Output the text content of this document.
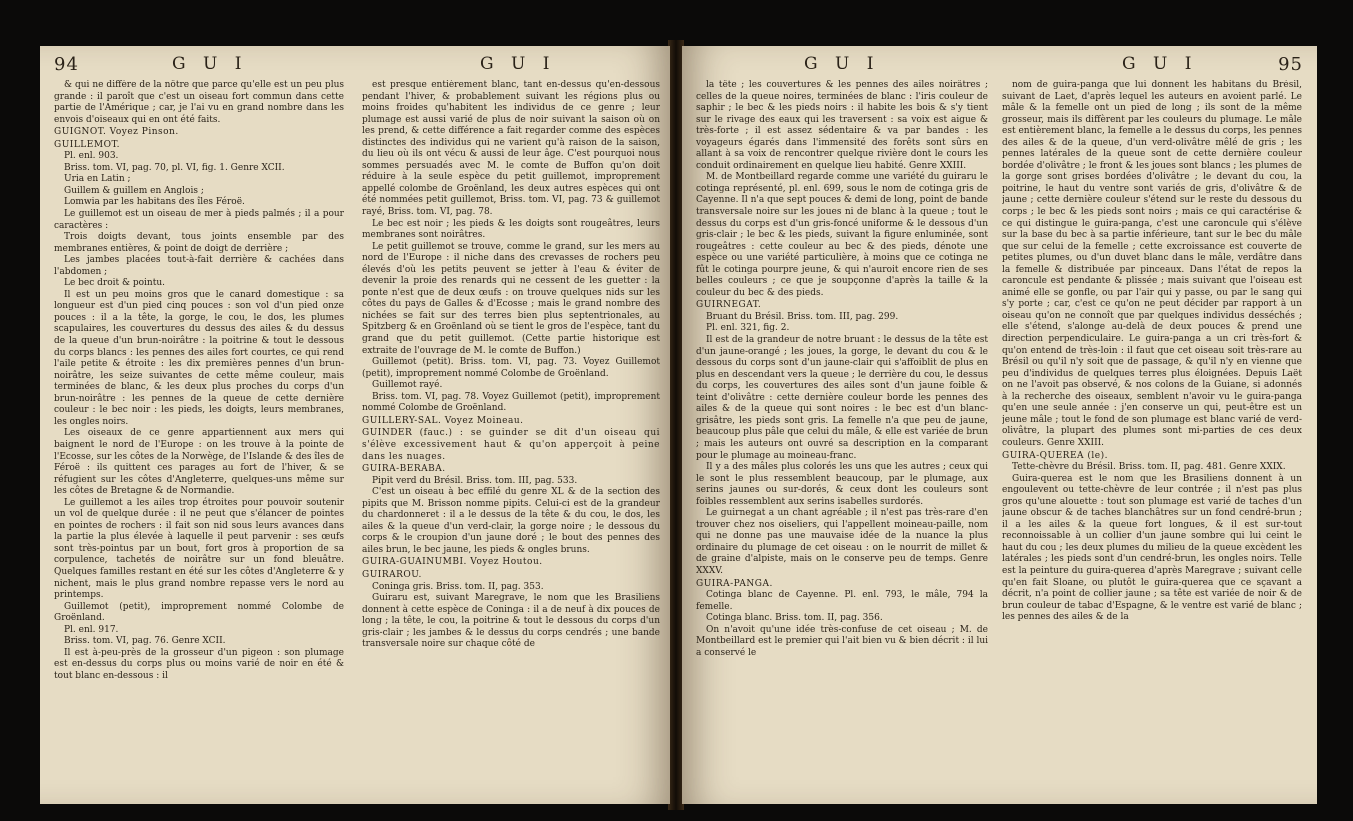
94	G U I	G U I

& qui ne diffère de la nôtre que parce qu'elle est un peu plus grande : il paroît que c'est un oiseau fort commun dans cette partie de l'Amérique ; car, je l'ai vu en grand nombre dans les envois d'oiseaux qui en ont été faits.

GUIGNOT. Voyez Pinson.

GUILLEMOT.

Pl. enl. 903.

Briss. tom. VI, pag. 70, pl. VI, fig. 1. Genre XCII.

Uria en Latin ;

Guillem & guillem en Anglois ;

Lomwia par les habitans des îles Féroë.

Le guillemot est un oiseau de mer à pieds palmés ; il a pour caractères :

Trois doigts devant, tous joints ensemble par des membranes entières, & point de doigt de derrière ;

Les jambes placées tout-à-fait derrière & cachées dans l'abdomen ;

Le bec droit & pointu.

Il est un peu moins gros que le canard domestique : sa longueur est d'un pied cinq pouces : son vol d'un pied onze pouces : il a la tête, la gorge, le cou, le dos, les plumes scapulaires, les couvertures du dessus des ailes & du dessus de la queue d'un brun-noirâtre : la poitrine & tout le dessous du corps blancs : les pennes des ailes fort courtes, ce qui rend l'aile petite & étroite : les dix premières pennes d'un brun-noirâtre, les seize suivantes de cette même couleur, mais terminées de blanc, & les deux plus proches du corps d'un brun-noirâtre : les pennes de la queue de cette dernière couleur : le bec noir : les pieds, les doigts, leurs membranes, les ongles noirs.

Les oiseaux de ce genre appartiennent aux mers qui baignent le nord de l'Europe : on les trouve à la pointe de l'Ecosse, sur les côtes de la Norwège, de l'Islande & des îles de Féroë : ils quittent ces parages au fort de l'hiver, & se réfugient sur les côtes d'Angleterre, quelques-uns même sur les côtes de Bretagne & de Normandie.

Le guillemot a les ailes trop étroites pour pouvoir soutenir un vol de quelque durée : il ne peut que s'élancer de pointes en pointes de rochers : il fait son nid sous leurs avances dans la partie la plus élevée à laquelle il peut parvenir : ses œufs sont très-pointus par un bout, fort gros à proportion de sa corpulence, tachetés de noirâtre sur un fond bleuâtre. Quelques familles restant en été sur les côtes d'Angleterre & y nichent, mais le plus grand nombre repasse vers le nord au printemps.

Guillemot (petit), improprement nommé Colombe de Groënland.

Pl. enl. 917.

Briss. tom. VI, pag. 76. Genre XCII.

Il est à-peu-près de la grosseur d'un pigeon : son plumage est en-dessus du corps plus ou moins varié de noir en été & tout blanc en-dessous : il

est presque entièrement blanc, tant en-dessus qu'en-dessous pendant l'hiver, & probablement suivant les régions plus ou moins froides qu'habitent les individus de ce genre ; leur plumage est aussi varié de plus de noir suivant la saison où on les prend, & cette différence a fait regarder comme des espèces distinctes des individus qui ne varient qu'à raison de la saison, du lieu où ils ont vécu & aussi de leur âge. C'est pourquoi nous sommes persuadés avec M. le comte de Buffon qu'on doit réduire à la seule espèce du petit guillemot, improprement appellé colombe de Groënland, les deux autres espèces qui ont été nommées petit guillemot, Briss. tom. VI, pag. 73 & guillemot rayé, Briss. tom. VI, pag. 78.

Le bec est noir ; les pieds & les doigts sont rougeâtres, leurs membranes sont noirâtres.

Le petit guillemot se trouve, comme le grand, sur les mers au nord de l'Europe : il niche dans des crevasses de rochers peu élevés d'où les petits peuvent se jetter à l'eau & éviter de devenir la proie des renards qui ne cessent de les guetter : la ponte n'est que de deux œufs : on trouve quelques nids sur les côtes du pays de Galles & d'Ecosse ; mais le grand nombre des nichées se fait sur des terres bien plus septentrionales, au Spitzberg & en Groënland où se tient le gros de l'espèce, tant du grand que du petit guillemot. (Cette partie historique est extraite de l'ouvrage de M. le comte de Buffon.)

Guillemot (petit). Briss. tom. VI, pag. 73. Voyez Guillemot (petit), improprement nommé Colombe de Groënland.

Guillemot rayé.

Briss. tom. VI, pag. 78. Voyez Guillemot (petit), improprement nommé Colombe de Groënland.

GUILLERY-SAL. Voyez Moineau.

GUINDER (fauc.) : se guinder se dit d'un oiseau qui s'élève excessivement haut & qu'on apperçoit à peine dans les nuages.

GUIRA-BERABA.

Pipit verd du Brésil. Briss. tom. III, pag. 533.

C'est un oiseau à bec effilé du genre XL & de la section des pipits que M. Brisson nomme pipits. Celui-ci est de la grandeur du chardonneret : il a le dessus de la tête & du cou, le dos, les ailes & la queue d'un verd-clair, la gorge noire ; le dessous du corps & le croupion d'un jaune doré ; le bout des pennes des ailes brun, le bec jaune, les pieds & ongles bruns.

GUIRA-GUAINUMBI. Voyez Houtou.

GUIRAROU.

Coninga gris. Briss. tom. II, pag. 353.

Guiraru est, suivant Maregrave, le nom que les Brasiliens donnent à cette espèce de Coninga : il a de neuf à dix pouces de long ; la tête, le cou, la poitrine & tout le dessous du corps d'un gris-clair ; les jambes & le dessus du corps cendrés ; une bande transversale noire sur chaque côté de

G U I	G U I	95

la tête ; les couvertures & les pennes des ailes noirâtres ; celles de la queue noires, terminées de blanc : l'iris couleur de saphir ; le bec & les pieds noirs : il habite les bois & s'y tient sur le rivage des eaux qui les traversent : sa voix est aigue & très-forte ; il est assez sédentaire & va par bandes : les voyageurs égarés dans l'immensité des forêts sont sûrs en allant à sa voix de rencontrer quelque rivière dont le cours les conduit ordinairement en quelque lieu habité. Genre XXIII.

M. de Montbeillard regarde comme une variété du guiraru le cotinga représenté, pl. enl. 699, sous le nom de cotinga gris de Cayenne. Il n'a que sept pouces & demi de long, point de bande transversale noire sur les joues ni de blanc à la queue ; tout le dessus du corps est d'un gris-foncé uniforme & le dessous d'un gris-clair ; le bec & les pieds, suivant la figure enluminée, sont rougeâtres : cette couleur au bec & des pieds, dénote une espèce ou une variété particulière, à moins que ce cotinga ne fût le cotinga pourpre jeune, & qui n'auroit encore rien de ses belles couleurs ; ce que je soupçonne d'après la taille & la couleur du bec & des pieds.

GUIRNEGAT.

Bruant du Brésil. Briss. tom. III, pag. 299.

Pl. enl. 321, fig. 2.

Il est de la grandeur de notre bruant : le dessus de la tête est d'un jaune-orangé ; les joues, la gorge, le devant du cou & le dessous du corps sont d'un jaune-clair qui s'affoiblit de plus en plus en descendant vers la queue ; le derrière du cou, le dessus du corps, les couvertures des ailes sont d'un jaune foible & teint d'olivâtre : cette dernière couleur borde les pennes des ailes & de la queue qui sont noires : le bec est d'un blanc-grisâtre, les pieds sont gris. La femelle n'a que peu de jaune, beaucoup plus pâle que celui du mâle, & elle est variée de brun ; mais les auteurs ont ouvré sa description en la comparant pour le plumage au moineau-franc.

Il y a des mâles plus colorés les uns que les autres ; ceux qui le sont le plus ressemblent beaucoup, par le plumage, aux serins jaunes ou sur-dorés, & ceux dont les couleurs sont foibles ressemblent aux serins isabelles surdorés.

Le guirnegat a un chant agréable ; il n'est pas très-rare d'en trouver chez nos oiseliers, qui l'appellent moineau-paille, nom qui ne donne pas une mauvaise idée de la nuance la plus ordinaire du plumage de cet oiseau : on le nourrit de millet & de graine d'alpiste, mais on le conserve peu de temps. Genre XXXV.

GUIRA-PANGA.

Cotinga blanc de Cayenne. Pl. enl. 793, le mâle, 794 la femelle.

Cotinga blanc. Briss. tom. II, pag. 356.

On n'avoit qu'une idée très-confuse de cet oiseau ; M. de Montbeillard est le premier qui l'ait bien vu & bien décrit : il lui a conservé le

nom de guira-panga que lui donnent les habitans du Brésil, suivant de Laet, d'après lequel les auteurs en avoient parlé. Le mâle & la femelle ont un pied de long ; ils sont de la même grosseur, mais ils diffèrent par les couleurs du plumage. Le mâle est entièrement blanc, la femelle a le dessus du corps, les pennes des ailes & de la queue, d'un verd-olivâtre mêlé de gris ; les pennes latérales de la queue sont de cette dernière couleur bordée d'olivâtre ; le front & les joues sont blancs ; les plumes de la gorge sont grises bordées d'olivâtre ; le devant du cou, la poitrine, le haut du ventre sont variés de gris, d'olivâtre & de jaune ; cette dernière couleur s'étend sur le reste du dessous du corps ; le bec & les pieds sont noirs ; mais ce qui caractérise & ce qui distingue le guira-panga, c'est une caroncule qui s'élève sur la base du bec à sa partie inférieure, tant sur le bec du mâle que sur celui de la femelle ; cette excroissance est couverte de petites plumes, ou d'un duvet blanc dans le mâle, verdâtre dans la femelle & distribuée par pinceaux. Dans l'état de repos la caroncule est pendante & plissée ; mais suivant que l'oiseau est animé elle se gonfle, ou par l'air qui y passe, ou par le sang qui s'y porte ; car, c'est ce qu'on ne peut décider par rapport à un oiseau qu'on ne connoît que par quelques individus desséchés ; elle s'étend, s'alonge au-delà de deux pouces & prend une direction perpendiculaire. Le guira-panga a un cri très-fort & qu'on entend de très-loin : il faut que cet oiseau soit très-rare au Brésil ou qu'il n'y soit que de passage, & qu'il n'y en vienne que peu d'individus de quelques terres plus éloignées. Depuis Laët on ne l'avoit pas observé, & nos colons de la Guiane, si adonnés à la recherche des oiseaux, semblent n'avoir vu le guira-panga qu'en une seule année : j'en conserve un qui, peut-être est un jeune mâle ; tout le fond de son plumage est blanc varié de verd-olivâtre, la plupart des plumes sont mi-parties de ces deux couleurs. Genre XXIII.

GUIRA-QUEREA (le).

Tette-chèvre du Brésil. Briss. tom. II, pag. 481. Genre XXIX.

Guira-querea est le nom que les Brasiliens donnent à un engoulevent ou tette-chèvre de leur contrée ; il n'est pas plus gros qu'une alouette : tout son plumage est varié de taches d'un jaune obscur & de taches blanchâtres sur un fond cendré-brun ; il a les ailes & la queue fort longues, & il est sur-tout reconnoissable à un collier d'un jaune sombre qui lui ceint le haut du cou ; les deux plumes du milieu de la queue excèdent les latérales ; les pieds sont d'un cendré-brun, les ongles noirs. Telle est la peinture du guira-querea d'après Maregrave ; suivant celle qu'en fait Sloane, ou plutôt le guira-querea que ce sçavant a décrit, n'a point de collier jaune ; sa tête est variée de noir & de brun couleur de tabac d'Espagne, & le ventre est varié de blanc ; les pennes des ailes & de la
